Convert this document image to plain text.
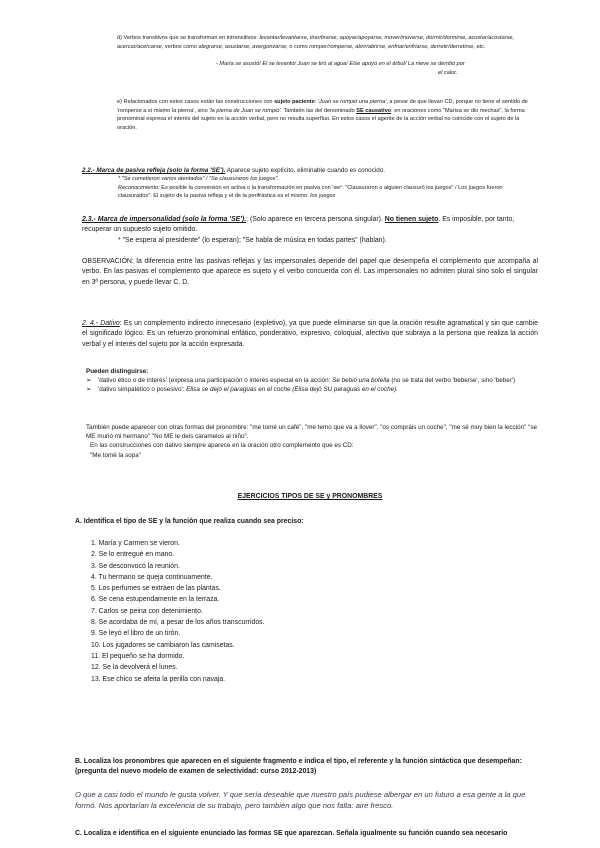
d) Verbos transitivos que se transforman en intransitivos: levantar/levantarse, tirar/tirarse, apoyar/apoyarse, mover/moverse, dormir/dormirse, acostar/acostarse, acercar/acercarse, verbos como alegrarse, asustarse, avergonzarse, o como romper/romperse, abrir/abrirse, enfriar/enfriarse, derretir/derretirse, etc.
- María se asustó/ Él se levantó/ Juan se tiró al agua/ Else apoyó en el árbol/ La nieve se derritió por
el calor.
e) Relacionados con estos casos están las construcciones con sujeto paciente: 'Juan se rompió una pierna', a pesar de que llevan CD, porque no tiene el sentido de 'romperse a sí mismo la pierna', sino 'la pierna de Juan se rompió'. También las del denominado SE causativo: en oraciones como "Marisa se dio mechas", la forma pronominal expresa el interés del sujeto en la acción verbal, pero no resulta superfluo. En estos casos el agente de la acción verbal no coincide con el sujeto de la oración.
2.2.- Marca de pasiva refleja (solo la forma 'SE'). Aparece sujeto explícito, eliminable cuando es conocido.
* "Se cometieron varios atentados" / "Se clausuraron los juegos".
Reconocimiento: Es posible la conversión en activa o la transformación en pasiva con 'ser': "Clausuraron o alguien clausuró los juegos" / Los juegos fueron clausurados". El sujeto de la pasiva refleja y el de la perifrástica es el mismo: los juegos
2.3.- Marca de impersonalidad (solo la forma 'SE').: (Solo aparece en tercera persona singular). No tienen sujeto. Es imposible, por tanto, recuperar un supuesto sujeto omitido.
* "Se espera al presidente" (lo esperan); "Se habla de música en todas partes" (hablan).
OBSERVACIÓN: la diferencia entre las pasivas reflejas y las impersonales depende del papel que desempeña el complemento que acompaña al verbo. En las pasivas el complemento que aparece es sujeto y el verbo concuerda con él. Las impersonales no admiten plural sino solo el singular en 3ª persona, y puede llevar C. D.
2. 4.- Dativo: Es un complemento indirecto innecesario (expletivo), ya que puede eliminarse sin que la oración resulte agramatical y sin que cambie el significado lógico. Es un refuerzo pronominal enfático, ponderativo, expresivo, coloquial, afectivo que subraya a la persona que realiza la acción verbal y el interés del sujeto por la acción expresada.
Pueden distinguirse:
➢	'dativo ético o de interés' (expresa una participación o interés especial en la acción: Se bebió una botella (no se trata del verbo 'beberse', sino 'beber')
➢	'dativo simpatético o posesivo': Elisa se dejó el paraguas en el coche (Elisa dejó SU paraguas en el coche).
También puede aparecer con otras formas del pronombre: "me tomé un café", "me temo que va a llover", "os compráis un coche", "me sé muy bien la lección" "se ME murió mi hermano" "No ME le deis caramelos al niño".
En las construcciones con dativo siempre aparece en la oración otro complemento que es CD:
"Me tomé la sopa"
EJERCICIOS TIPOS DE SE y PRONOMBRES
A. Identifica el tipo de SE y la función que realiza cuando sea preciso:
1. María y Carmen se vieron.
2. Se lo entregué en mano.
3. Se desconvocó la reunión.
4. Tu hermano se queja continuamente.
5. Los perfumes se extraen de las plantas.
6. Se cena estupendamente en la terraza.
7. Carlos se peina con detenimiento.
8. Se acordaba de mí, a pesar de los años transcurridos.
9. Se leyó el libro de un tirón.
10. Los jugadores se cambiaron las camisetas.
11. El pequeño se ha dormido.
12. Se la devolverá el lunes.
13. Ese chico se afeita la perilla con navaja.
B. Localiza los pronombres que aparecen en el siguiente fragmento e indica el tipo, el referente y la función sintáctica que desempeñan: (pregunta del nuevo modelo de examen de selectividad: curso 2012-2013)
O que a casi todo el mundo le gusta volver. Y que sería deseable que nuestro país pudiese albergar en un futuro a esa gente a la que formó. Nos aportarían la excelencia de su trabajo, pero también algo que nos falta: aire fresco.
C. Localiza e identifica en el siguiente enunciado las formas SE que aparezcan. Señala igualmente su función cuando sea necesario
